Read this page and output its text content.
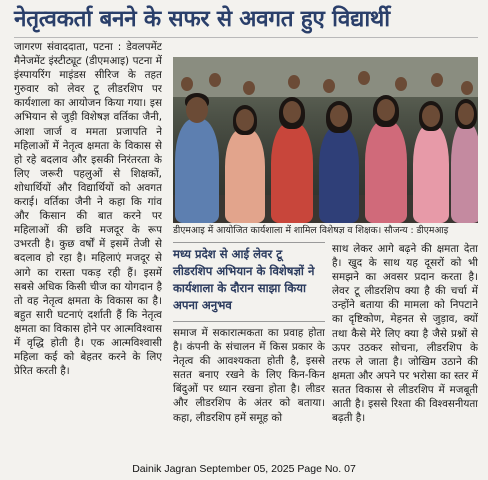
नेतृत्वकर्ता बनने के सफर से अवगत हुए विद्यार्थी

जागरण संवाददाता, पटना : डेवलपमेंट मैनेजमेंट इंस्टीट्यूट (डीएमआइ) पटना में इंस्पायरिंग माइंडस सीरिज के तहत गुरुवार को लेवर टू लीडरशिप पर कार्यशाला का आयोजन किया गया। इस अभियान से जुड़ी विशेषज्ञ वर्तिका जैनी, आशा जार्ज व ममता प्रजापति ने महिलाओं में नेतृत्व क्षमता के विकास से हो रहे बदलाव और इसकी निरंतरता के लिए जरूरी पहलुओं से शिक्षकों, शोधार्थियों और विद्यार्थियों को अवगत कराई। वर्तिका जैनी ने कहा कि गांव और किसान की बात करने पर महिलाओं की छवि मजदूर के रूप उभरती है। कुछ वर्षों में इसमें तेजी से बदलाव हो रहा है। महिलाएं मजदूर से आगे का रास्ता पकड़ रही हैं। इसमें सबसे अधिक किसी चीज का योगदान है तो वह नेतृत्व क्षमता के विकास का है। बहुत सारी घटनाएं दर्शाती हैं कि नेतृत्व क्षमता का विकास होने पर आत्मविश्वास में वृद्धि होती है। एक आत्मविश्वासी महिला कई को बेहतर करने के लिए प्रेरित करती है।

डीएमआइ में आयोजित कार्यशाला में शामिल विशेषज्ञ व शिक्षक। सौजन्य : डीएमआइ

मध्य प्रदेश से आई लेवर टू लीडरशिप अभियान के विशेषज्ञों ने कार्यशाला के दौरान साझा किया अपना अनुभव

समाज में सकारात्मकता का प्रवाह होता है। कंपनी के संचालन में किस प्रकार के नेतृत्व की आवश्यकता होती है, इससे सतत बनाए रखने के लिए किन-किन बिंदुओं पर ध्यान रखना होता है। लीडर और लीडरशिप के अंतर को बताया। कहा, लीडरशिप हमें समूह को

साथ लेकर आगे बढ़ने की क्षमता देता है। खुद के साथ यह दूसरों को भी समझने का अवसर प्रदान करता है। लेवर टू लीडरशिप क्या है की चर्चा में उन्होंने बताया की मामला को निपटाने का दृष्टिकोण, मेहनत से जुड़ाव, क्यों तथा कैसे मेरे लिए क्या है जैसे प्रश्नों से ऊपर उठकर सोचना, लीडरशिप के तरफ ले जाता है। जोखिम उठाने की क्षमता और अपने पर भरोसा का स्तर में सतत विकास से लीडरशिप में मजबूती आती है। इससे रिश्ता की विश्वसनीयता बढ़ती है।

Dainik Jagran September 05, 2025 Page No. 07
